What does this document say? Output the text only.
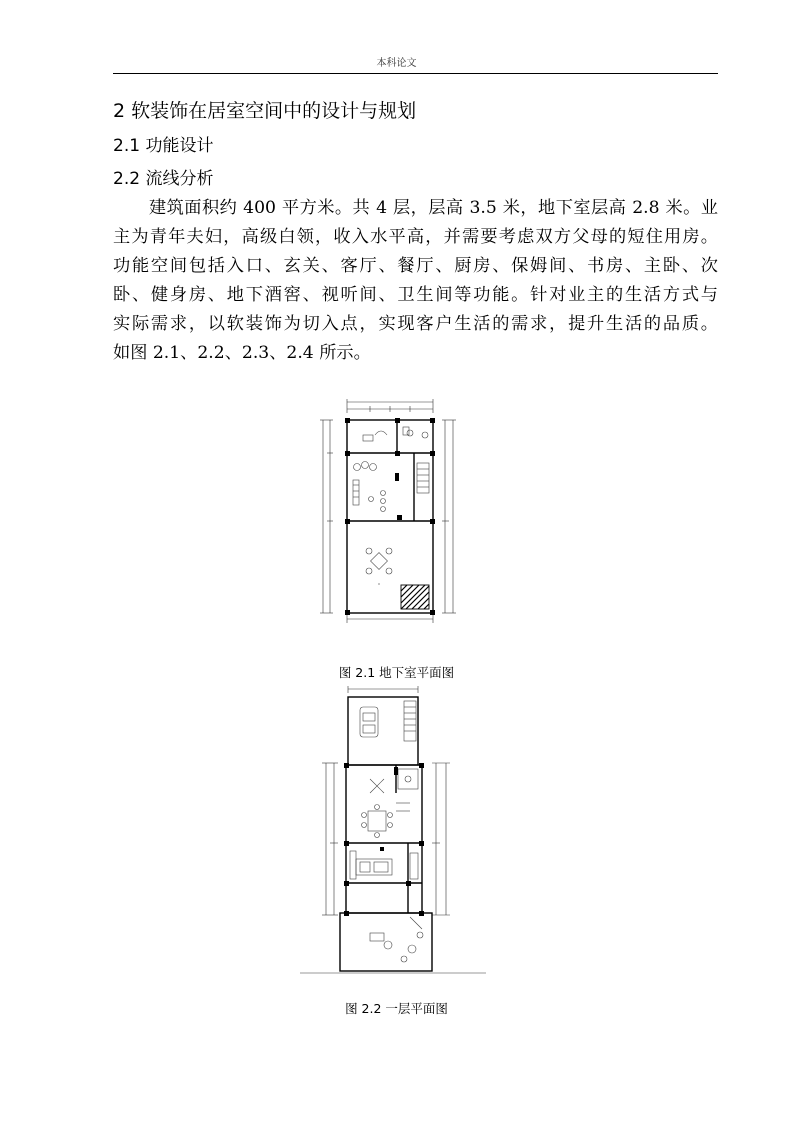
本科论文
2 软装饰在居室空间中的设计与规划
2.1 功能设计
2.2 流线分析
建筑面积约 400 平方米。共 4 层，层高 3.5 米，地下室层高 2.8 米。业
主为青年夫妇，高级白领，收入水平高，并需要考虑双方父母的短住用房。
功能空间包括入口、玄关、客厅、餐厅、厨房、保姆间、书房、主卧、次
卧、健身房、地下酒窖、视听间、卫生间等功能。针对业主的生活方式与
实际需求，以软装饰为切入点，实现客户生活的需求，提升生活的品质。
如图 2.1、2.2、2.3、2.4 所示。
图 2.1 地下室平面图
图 2.2 一层平面图
